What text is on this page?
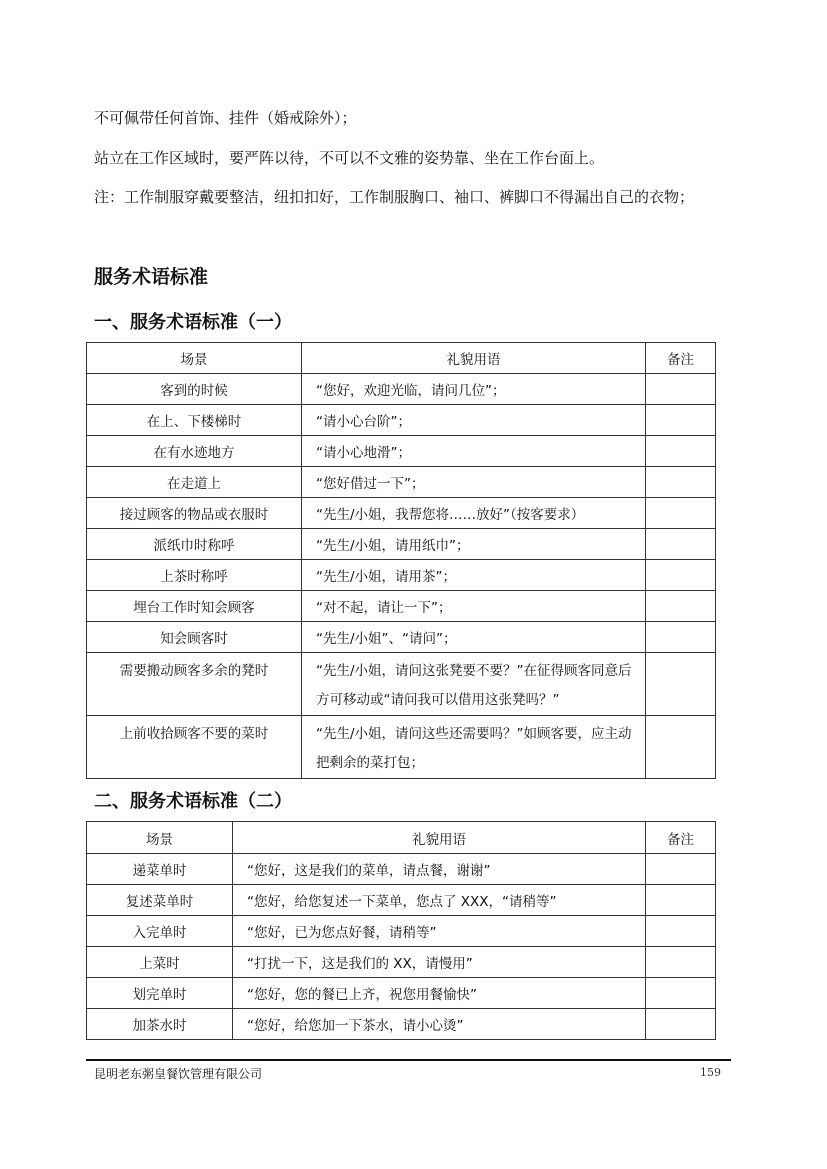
不可佩带任何首饰、挂件（婚戒除外）；

站立在工作区域时，要严阵以待，不可以不文雅的姿势靠、坐在工作台面上。

注：工作制服穿戴要整洁，纽扣扣好，工作制服胸口、袖口、裤脚口不得漏出自己的衣物；

服务术语标准
一、服务术语标准（一）
场景	礼貌用语	备注
客到的时候	“您好，欢迎光临，请问几位”；	
在上、下楼梯时	“请小心台阶”；	
在有水迹地方	“请小心地滑”；	
在走道上	“您好借过一下”；	
接过顾客的物品或衣服时	“先生/小姐，我帮您将……放好”（按客要求）	
派纸巾时称呼	“先生/小姐，请用纸巾”；	
上茶时称呼	“先生/小姐，请用茶”；	
埋台工作时知会顾客	“对不起，请让一下”；	
知会顾客时	“先生/小姐”、“请问”；	
需要搬动顾客多余的凳时	“先生/小姐，请问这张凳要不要？”在征得顾客同意后方可移动或“请问我可以借用这张凳吗？”	
上前收拾顾客不要的菜时	“先生/小姐，请问这些还需要吗？”如顾客要，应主动把剩余的菜打包；	
二、服务术语标准（二）
场景	礼貌用语	备注
递菜单时	“您好，这是我们的菜单，请点餐，谢谢”	
复述菜单时	“您好，给您复述一下菜单，您点了 XXX，“请稍等”	
入完单时	“您好，已为您点好餐，请稍等”	
上菜时	“打扰一下，这是我们的 XX，请慢用”	
划完单时	“您好，您的餐已上齐，祝您用餐愉快”	
加茶水时	“您好，给您加一下茶水，请小心烫”	

昆明老东粥皇餐饮管理有限公司	159
